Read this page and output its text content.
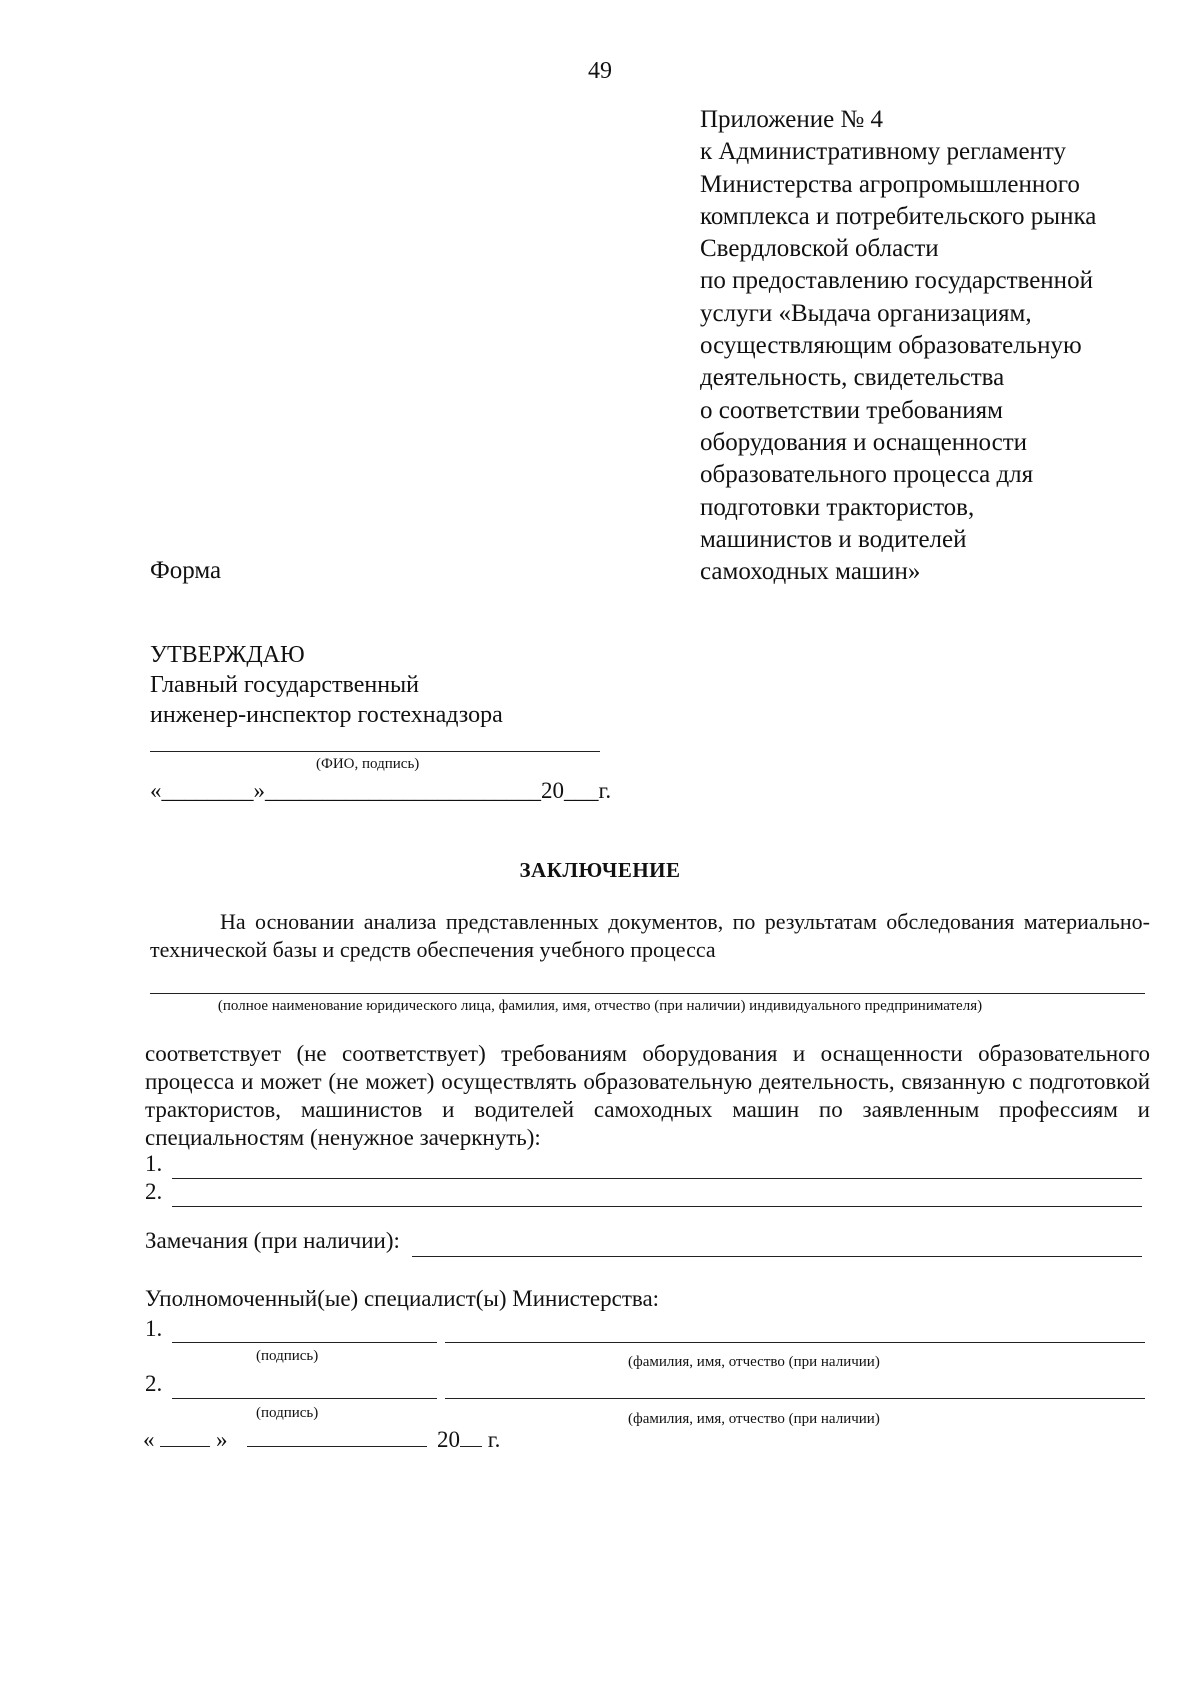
49
Приложение № 4
к Административному регламенту
Министерства агропромышленного
комплекса и потребительского рынка
Свердловской области
по предоставлению государственной
услуги «Выдача организациям,
осуществляющим образовательную
деятельность, свидетельства
о соответствии требованиям
оборудования и оснащенности
образовательного процесса для
подготовки трактористов,
машинистов и водителей
самоходных машин»
Форма
УТВЕРЖДАЮ
Главный государственный
инженер-инспектор гостехнадзора
(ФИО, подпись)
«________»________________________20___г.
ЗАКЛЮЧЕНИЕ
На основании анализа представленных документов, по результатам обследования материально-технической базы и средств обеспечения учебного процесса
(полное наименование юридического лица, фамилия, имя, отчество (при наличии) индивидуального предпринимателя)
соответствует (не соответствует) требованиям оборудования и оснащенности образовательного процесса и может (не может) осуществлять образовательную деятельность, связанную с подготовкой трактористов, машинистов и водителей самоходных машин по заявленным профессиям и специальностям (ненужное зачеркнуть):
1.
2.
Замечания (при наличии):
Уполномоченный(ые) специалист(ы) Министерства:
1.
(подпись)	(фамилия, имя, отчество (при наличии)
2.
(подпись)	(фамилия, имя, отчество (при наличии)
«	»	20 г.
